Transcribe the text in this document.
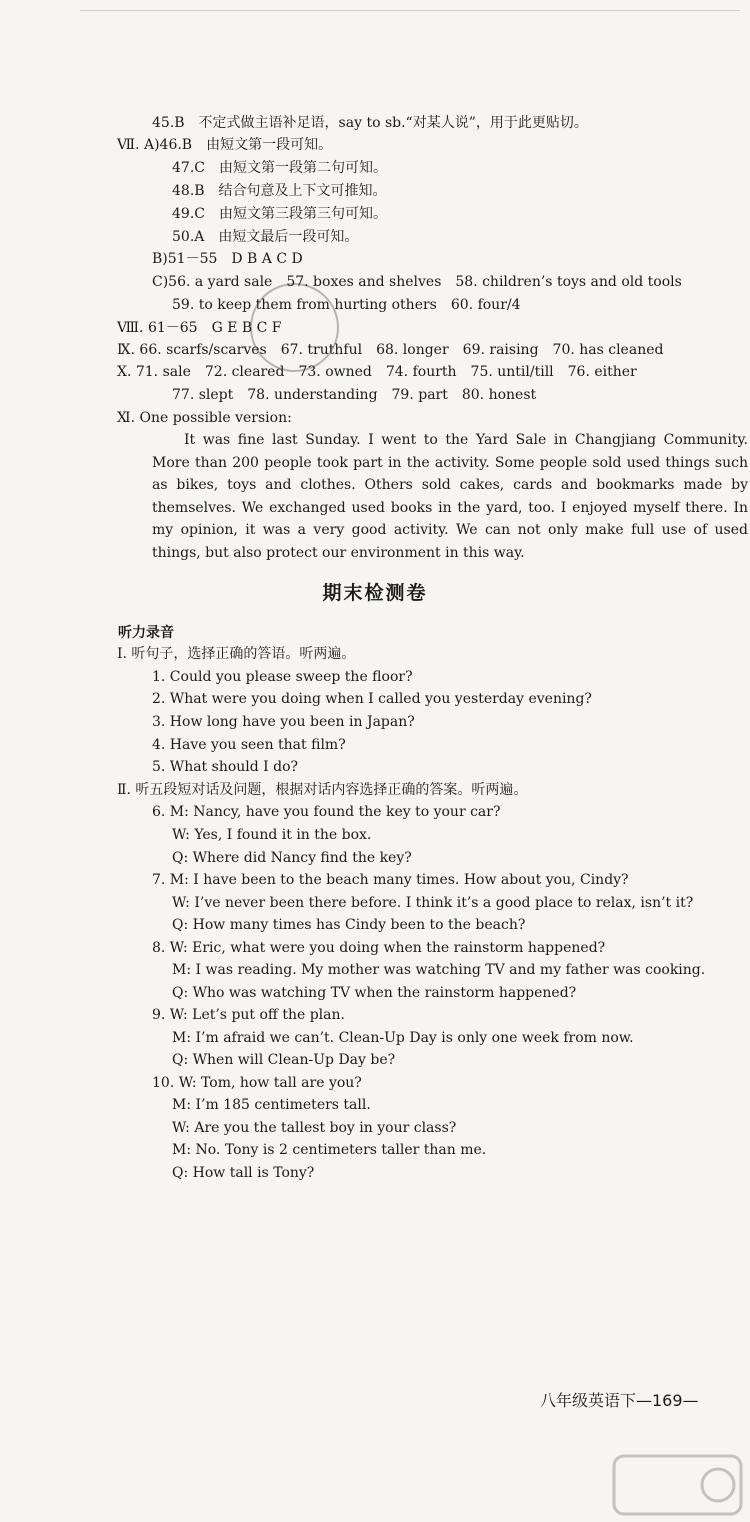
45.B　不定式做主语补足语，say to sb.“对某人说”，用于此更贴切。
Ⅶ. A)46.B　由短文第一段可知。
47.C　由短文第一段第二句可知。
48.B　结合句意及上下文可推知。
49.C　由短文第三段第三句可知。
50.A　由短文最后一段可知。
B)51－55　D B A C D
C)56. a yard sale　57. boxes and shelves　58. children’s toys and old tools
59. to keep them from hurting others　60. four/4
Ⅷ. 61－65　G E B C F
Ⅸ. 66. scarfs/scarves　67. truthful　68. longer　69. raising　70. has cleaned
Ⅹ. 71. sale　72. cleared　73. owned　74. fourth　75. until/till　76. either
77. slept　78. understanding　79. part　80. honest
Ⅺ. One possible version:
It was fine last Sunday. I went to the Yard Sale in Changjiang Community. More than 200 people took part in the activity. Some people sold used things such as bikes, toys and clothes. Others sold cakes, cards and bookmarks made by themselves. We exchanged used books in the yard, too. I enjoyed myself there. In my opinion, it was a very good activity. We can not only make full use of used things, but also protect our environment in this way.
期末检测卷
听力录音
Ⅰ. 听句子，选择正确的答语。听两遍。
1. Could you please sweep the floor?
2. What were you doing when I called you yesterday evening?
3. How long have you been in Japan?
4. Have you seen that film?
5. What should I do?
Ⅱ. 听五段短对话及问题，根据对话内容选择正确的答案。听两遍。
6. M: Nancy, have you found the key to your car?
W: Yes, I found it in the box.
Q: Where did Nancy find the key?
7. M: I have been to the beach many times. How about you, Cindy?
W: I’ve never been there before. I think it’s a good place to relax, isn’t it?
Q: How many times has Cindy been to the beach?
8. W: Eric, what were you doing when the rainstorm happened?
M: I was reading. My mother was watching TV and my father was cooking.
Q: Who was watching TV when the rainstorm happened?
9. W: Let’s put off the plan.
M: I’m afraid we can’t. Clean-Up Day is only one week from now.
Q: When will Clean-Up Day be?
10. W: Tom, how tall are you?
M: I’m 185 centimeters tall.
W: Are you the tallest boy in your class?
M: No. Tony is 2 centimeters taller than me.
Q: How tall is Tony?
八年级英语下—169—
